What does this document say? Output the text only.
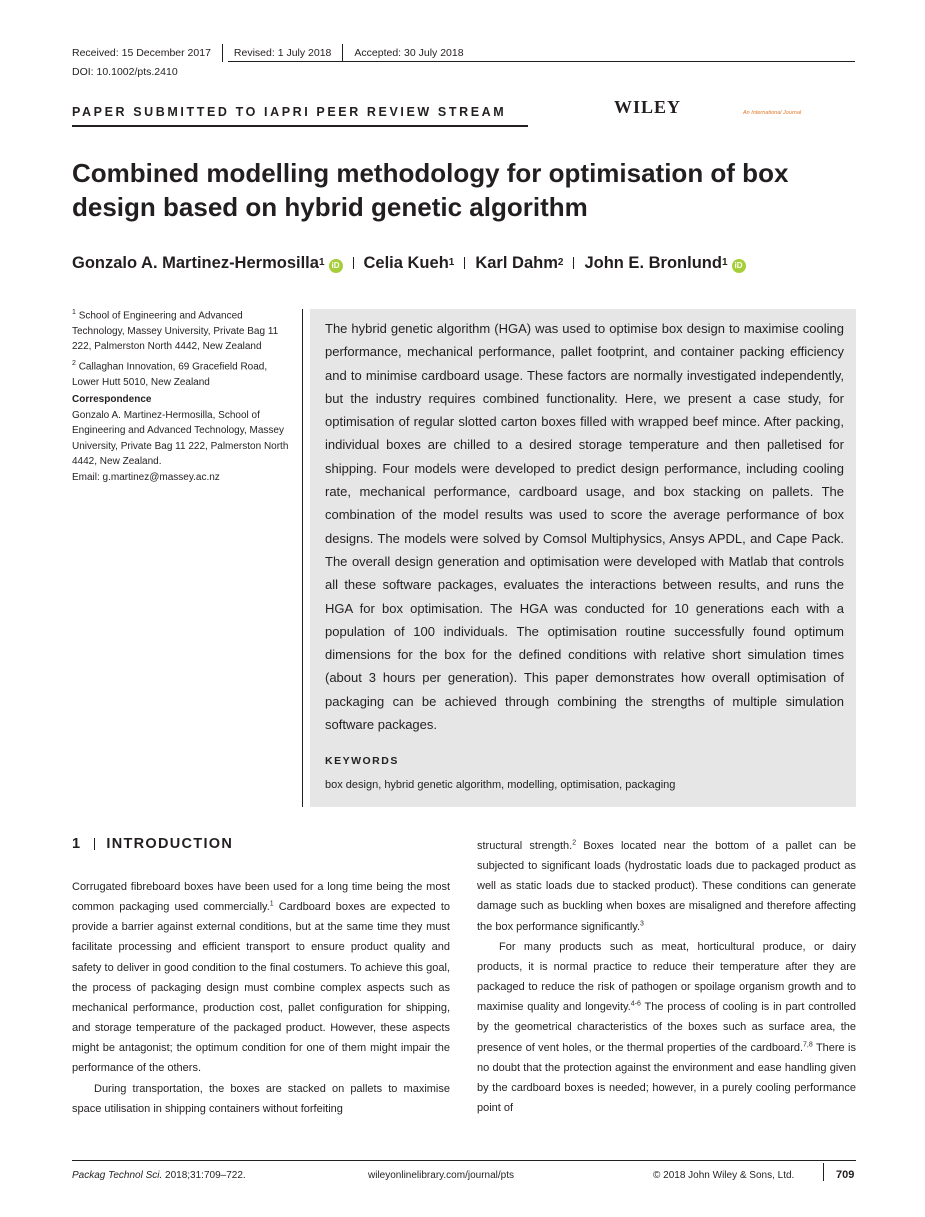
Received: 15 December 2017 Revised: 1 July 2018 Accepted: 30 July 2018
DOI: 10.1002/pts.2410
PAPER SUBMITTED TO IAPRI PEER REVIEW STREAM	WILEY	An International Journal
Combined modelling methodology for optimisation of box design based on hybrid genetic algorithm
Gonzalo A. Martinez-Hermosilla$^1$ iD Celia Kueh$^1$ Karl Dahm$^2$ John E. Bronlund$^1$ iD
$^1$ School of Engineering and Advanced Technology, Massey University, Private Bag 11 222, Palmerston North 4442, New Zealand
$^2$ Callaghan Innovation, 69 Gracefield Road, Lower Hutt 5010, New Zealand
Correspondence
Gonzalo A. Martinez-Hermosilla, School of Engineering and Advanced Technology, Massey University, Private Bag 11 222, Palmerston North 4442, New Zealand.
Email: g.martinez@massey.ac.nz
The hybrid genetic algorithm (HGA) was used to optimise box design to maximise cooling performance, mechanical performance, pallet footprint, and container packing efficiency and to minimise cardboard usage. These factors are normally investigated independently, but the industry requires combined functionality. Here, we present a case study, for optimisation of regular slotted carton boxes filled with wrapped beef mince. After packing, individual boxes are chilled to a desired storage temperature and then palletised for shipping. Four models were developed to predict design performance, including cooling rate, mechanical performance, cardboard usage, and box stacking on pallets. The combination of the model results was used to score the average performance of box designs. The models were solved by Comsol Multiphysics, Ansys APDL, and Cape Pack. The overall design generation and optimisation were developed with Matlab that controls all these software packages, evaluates the interactions between results, and runs the HGA for box optimisation. The HGA was conducted for 10 generations each with a population of 100 individuals. The optimisation routine successfully found optimum dimensions for the box for the defined conditions with relative short simulation times (about 3 hours per generation). This paper demonstrates how overall optimisation of packaging can be achieved through combining the strengths of multiple simulation software packages.
KEYWORDS
box design, hybrid genetic algorithm, modelling, optimisation, packaging
1 INTRODUCTION

Corrugated fibreboard boxes have been used for a long time being the most common packaging used commercially.$^1$ Cardboard boxes are expected to provide a barrier against external conditions, but at the same time they must facilitate processing and efficient transport to ensure product quality and safety to deliver in good condition to the final costumers. To achieve this goal, the process of packaging design must combine complex aspects such as mechanical performance, production cost, pallet configuration for shipping, and storage temperature of the packaged product. However, these aspects might be antagonist; the optimum condition for one of them might impair the performance of the others.

During transportation, the boxes are stacked on pallets to maximise space utilisation in shipping containers without forfeiting

structural strength.$^2$ Boxes located near the bottom of a pallet can be subjected to significant loads (hydrostatic loads due to packaged product as well as static loads due to stacked product). These conditions can generate damage such as buckling when boxes are misaligned and therefore affecting the box performance significantly.$^3$

For many products such as meat, horticultural produce, or dairy products, it is normal practice to reduce their temperature after they are packaged to reduce the risk of pathogen or spoilage organism growth and to maximise quality and longevity.$^{4-6}$ The process of cooling is in part controlled by the geometrical characteristics of the boxes such as surface area, the presence of vent holes, or the thermal properties of the cardboard.$^{7,8}$ There is no doubt that the protection against the environment and ease handling given by the cardboard boxes is needed; however, in a purely cooling performance point of

Packag Technol Sci. 2018;31:709–722.	wileyonlinelibrary.com/journal/pts	© 2018 John Wiley & Sons, Ltd.	709
